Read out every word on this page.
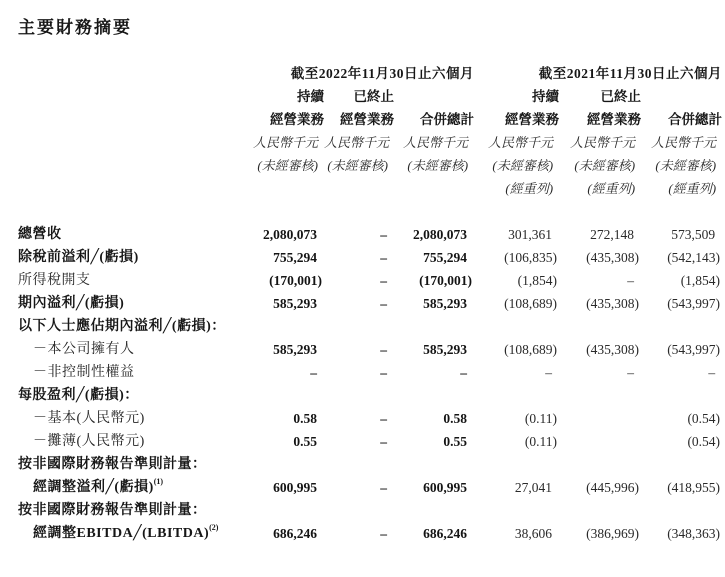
主要財務摘要
	截至2022年11月30日止六個月			截至2021年11月30日止六個月		
	持續	已終止		持續	已終止	
	經營業務	經營業務	合併總計	經營業務	經營業務	合併總計
	人民幣千元	人民幣千元	人民幣千元	人民幣千元	人民幣千元	人民幣千元
	(未經審核)	(未經審核)	(未經審核)	(未經審核)	(未經審核)	(未經審核)
				(經重列)	(經重列)	(經重列)
總營收	2,080,073	–	2,080,073	301,361	272,148	573,509
除稅前溢利╱(虧損)	755,294	–	755,294	(106,835)	(435,308)	(542,143)
所得稅開支	(170,001)	–	(170,001)	(1,854)	–	(1,854)
期內溢利╱(虧損)	585,293	–	585,293	(108,689)	(435,308)	(543,997)
以下人士應佔期內溢利╱(虧損)：						
－本公司擁有人	585,293	–	585,293	(108,689)	(435,308)	(543,997)
－非控制性權益	–	–	–	–	–	–
每股盈利╱(虧損)：						
－基本(人民幣元)	0.58	–	0.58	(0.11)		(0.54)
－攤薄(人民幣元)	0.55	–	0.55	(0.11)		(0.54)
按非國際財務報告準則計量：						
經調整溢利╱(虧損)$^{(1)}$	600,995	–	600,995	27,041	(445,996)	(418,955)
按非國際財務報告準則計量：						
經調整EBITDA╱(LBITDA)$^{(2)}$	686,246	–	686,246	38,606	(386,969)	(348,363)
